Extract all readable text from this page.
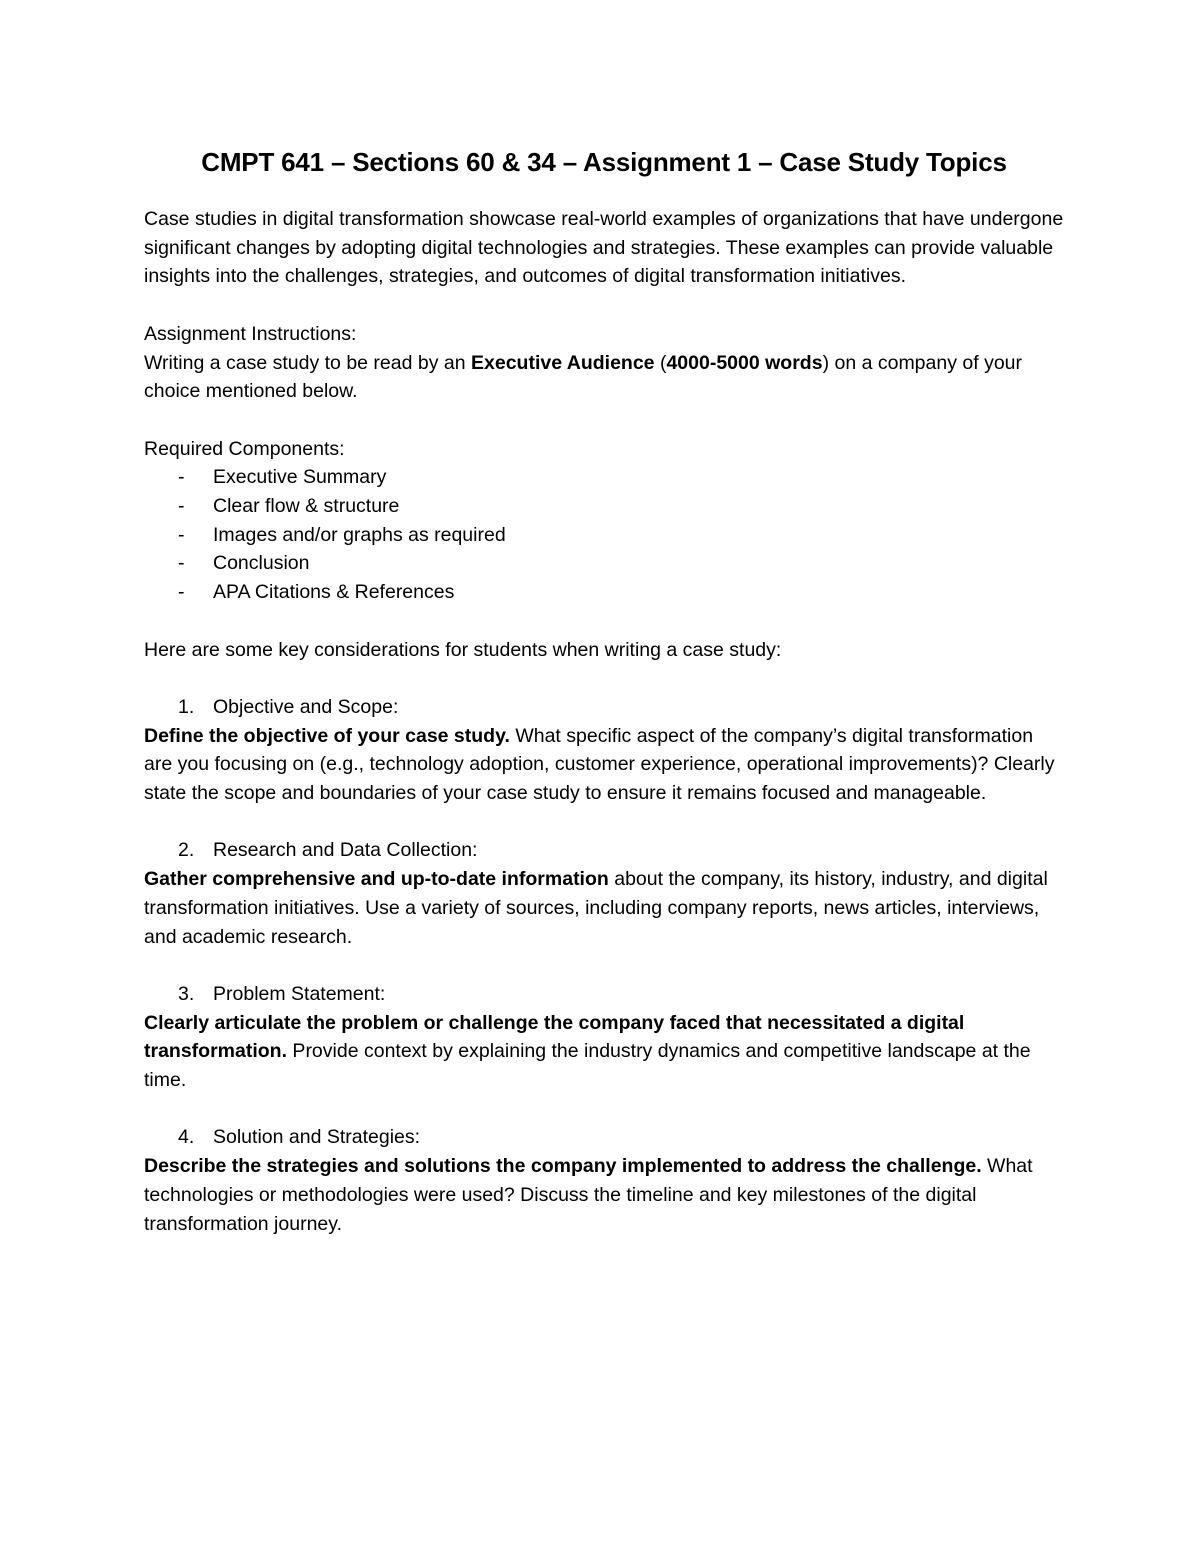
CMPT 641 – Sections 60 & 34 – Assignment 1 – Case Study Topics

Case studies in digital transformation showcase real-world examples of organizations that have undergone significant changes by adopting digital technologies and strategies. These examples can provide valuable insights into the challenges, strategies, and outcomes of digital transformation initiatives.

Assignment Instructions:

Writing a case study to be read by an Executive Audience (4000-5000 words) on a company of your choice mentioned below.

Required Components:

- Executive Summary
- Clear flow & structure
- Images and/or graphs as required
- Conclusion
- APA Citations & References

Here are some key considerations for students when writing a case study:

1. Objective and Scope:

Define the objective of your case study. What specific aspect of the company’s digital transformation are you focusing on (e.g., technology adoption, customer experience, operational improvements)? Clearly state the scope and boundaries of your case study to ensure it remains focused and manageable.

2. Research and Data Collection:

Gather comprehensive and up-to-date information about the company, its history, industry, and digital transformation initiatives. Use a variety of sources, including company reports, news articles, interviews, and academic research.

3. Problem Statement:

Clearly articulate the problem or challenge the company faced that necessitated a digital transformation. Provide context by explaining the industry dynamics and competitive landscape at the time.

4. Solution and Strategies:

Describe the strategies and solutions the company implemented to address the challenge. What technologies or methodologies were used? Discuss the timeline and key milestones of the digital transformation journey.
